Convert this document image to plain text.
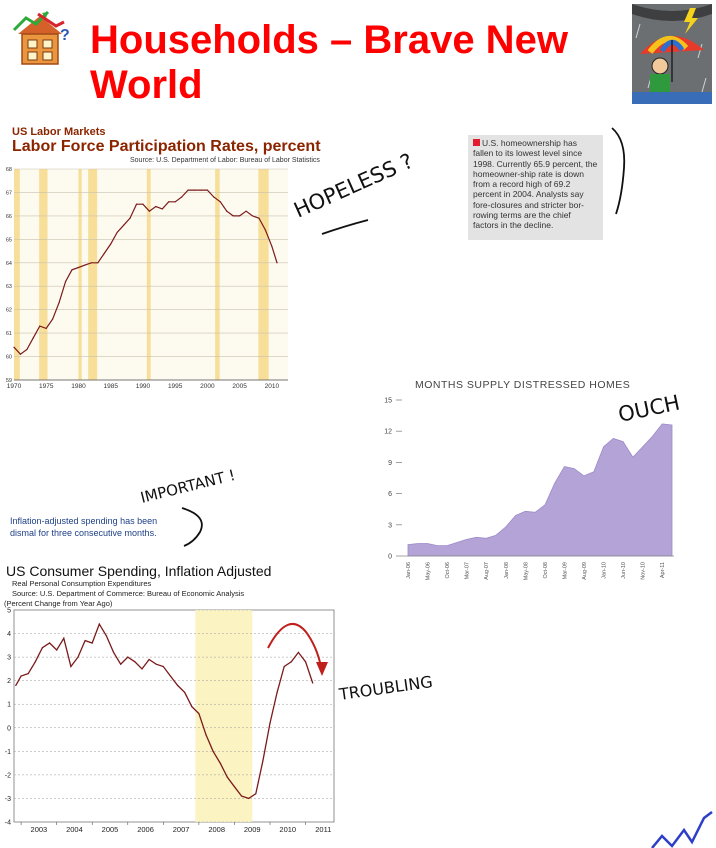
? Households – Brave New World
US Labor Markets
Labor Force Participation Rates, percent
Source: U.S. Department of Labor: Bureau of Labor Statistics
59
60
61
62
63
64
65
66
67
68
1970	1975	1980	1985	1990	1995	2000	2005	2010
U.S. homeownership has fallen to its lowest level since 1998. Currently 65.9 percent, the homeowner-ship rate is down from a record high of 69.2 percent in 2004. Analysts say fore-closures and stricter bor-rowing terms are the chief factors in the decline.
MONTHS SUPPLY DISTRESSED HOMES
0
3
6
9
12
15
Jan-06 May-06 Oct-06 Mar-07 Aug-07 Jan-08 May-08 Oct-08 Mar-09 Aug-09 Jan-10 Jun-10 Nov-10 Apr-11
Inflation-adjusted spending has been
dismal for three consecutive months.
US Consumer Spending, Inflation Adjusted
Real Personal Consumption Expenditures
Source: U.S. Department of Commerce: Bureau of Economic Analysis
(Percent Change from Year Ago)
-4
-3
-2
-1
0
1
2
3
4
5
2003	2004	2005	2006	2007	2008	2009	2010	2011
HOPELESS ?
OUCH
IMPORTANT !
TROUBLING
